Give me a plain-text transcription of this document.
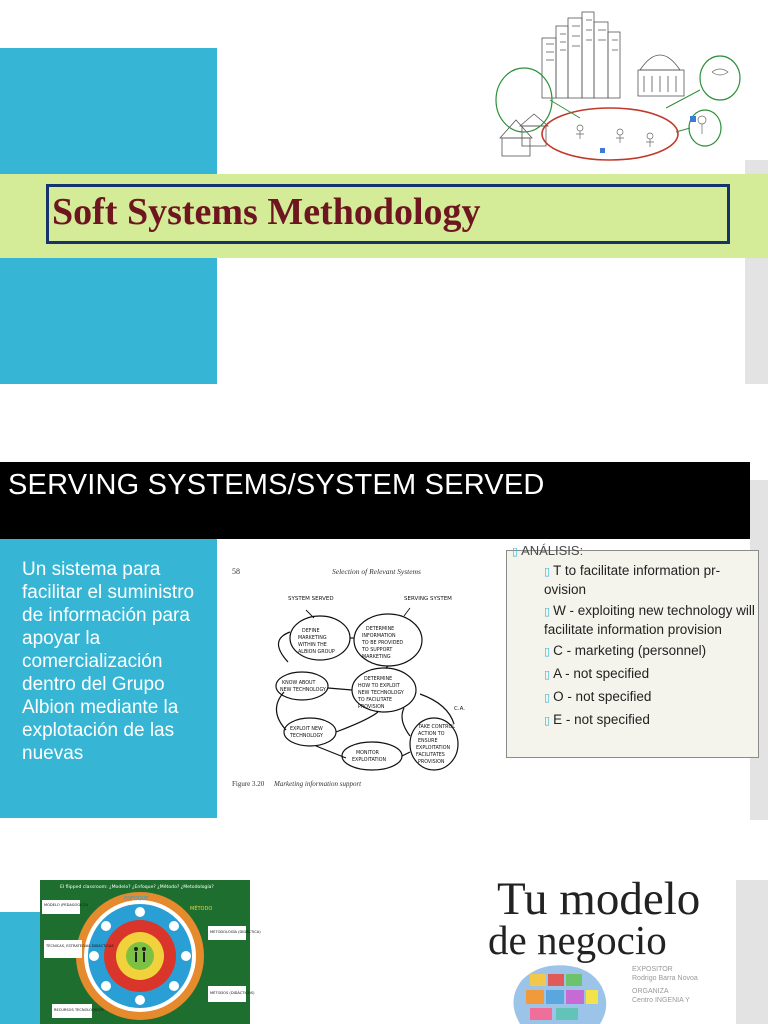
Soft Systems Methodology
SERVING SYSTEMS/SYSTEM SERVED
Un sistema para
facilitar el suministro
de información para
apoyar la
comercialización
dentro del Grupo
Albion mediante la
explotación de las
nuevas
58	Selection of Relevant Systems
SYSTEM SERVED	SERVING SYSTEM
C.A.
DEFINE
MARKETING
WITHIN THE
ALBION GROUP
DETERMINE
INFORMATION
TO BE PROVIDED
TO SUPPORT
MARKETING
KNOW ABOUT
NEW TECHNOLOGY
DETERMINE
HOW TO EXPLOIT
NEW TECHNOLOGY
TO FACILITATE
PROVISION
EXPLOIT NEW
TECHNOLOGY
TAKE CONTROL
ACTION TO
ENSURE
EXPLOITATION
FACILITATES
PROVISION
MONITOR
EXPLOITATION
Figure 3.20 Marketing information support
▯ ANÁLISIS:
▯ T to facilitate information pr-ovision
▯ W - exploiting new technology will facilitate information provision
▯ C - marketing (personnel)
▯ A - not specified
▯ O - not specified
▯ E - not specified
El flipped classroom: ¿Modelo? ¿Enfoque? ¿Método? ¿Metodología?
MODELO (PEDAGÓGICO)
TÉCNICAS, ESTRATEGIAS DIDÁCTICAS
METODOLOGÍA (DIDÁCTICA)
MÉTODOS (DIDÁCTICOS)
RECURSOS TECNOLÓGICOS
ENFOQUE
MÉTODO	Tu modelo
de negocio
EXPOSITOR
Rodrigo Barra Novoa
ORGANIZA
Centro INGENIA Y
